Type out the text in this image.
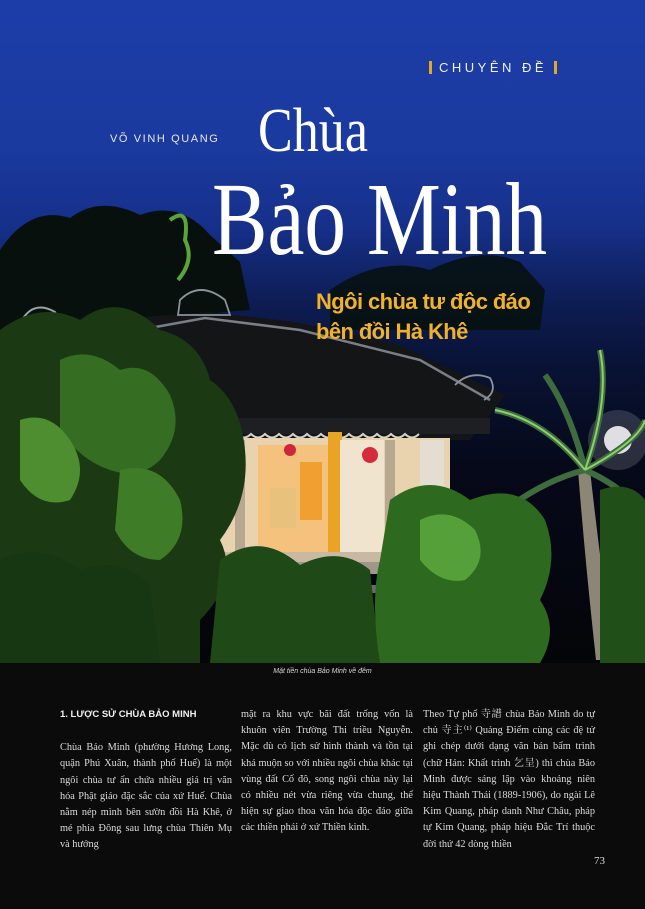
CHUYÊN ĐỀ
VÕ VINH QUANG Chùa
Bảo Minh
Ngôi chùa tư độc đáo
bên đồi Hà Khê
Mặt tiền chùa Bảo Minh về đêm

1. LƯỢC SỬ CHÙA BẢO MINH

Chùa Bảo Minh (phường Hương Long, quận Phú Xuân, thành phố Huế) là một ngôi chùa tư ẩn chứa nhiều giá trị văn hóa Phật giáo đặc sắc của xứ Huế. Chùa nằm nép mình bên sườn đồi Hà Khê, ở mé phía Đông sau lưng chùa Thiên Mụ và hướng

mặt ra khu vực bãi đất trống vốn là khuôn viên Trường Thi triều Nguyễn. Mặc dù có lịch sử hình thành và tồn tại khá muộn so với nhiều ngôi chùa khác tại vùng đất Cố đô, song ngôi chùa này lại có nhiều nét vừa riêng vừa chung, thể hiện sự giao thoa văn hóa độc đáo giữa các thiền phái ở xứ Thiền kinh.

Theo Tự phổ 寺譜 chùa Bảo Minh do tự chủ 寺主⁽¹⁾ Quảng Điểm cùng các đệ tử ghi chép dưới dạng văn bản bẩm trình (chữ Hán: Khất trình 乞呈) thì chùa Bảo Minh được sáng lập vào khoảng niên hiệu Thành Thái (1889-1906), do ngài Lê Kim Quang, pháp danh Như Châu, pháp tự Kim Quang, pháp hiệu Đắc Trí thuộc đời thứ 42 dòng thiền

73
